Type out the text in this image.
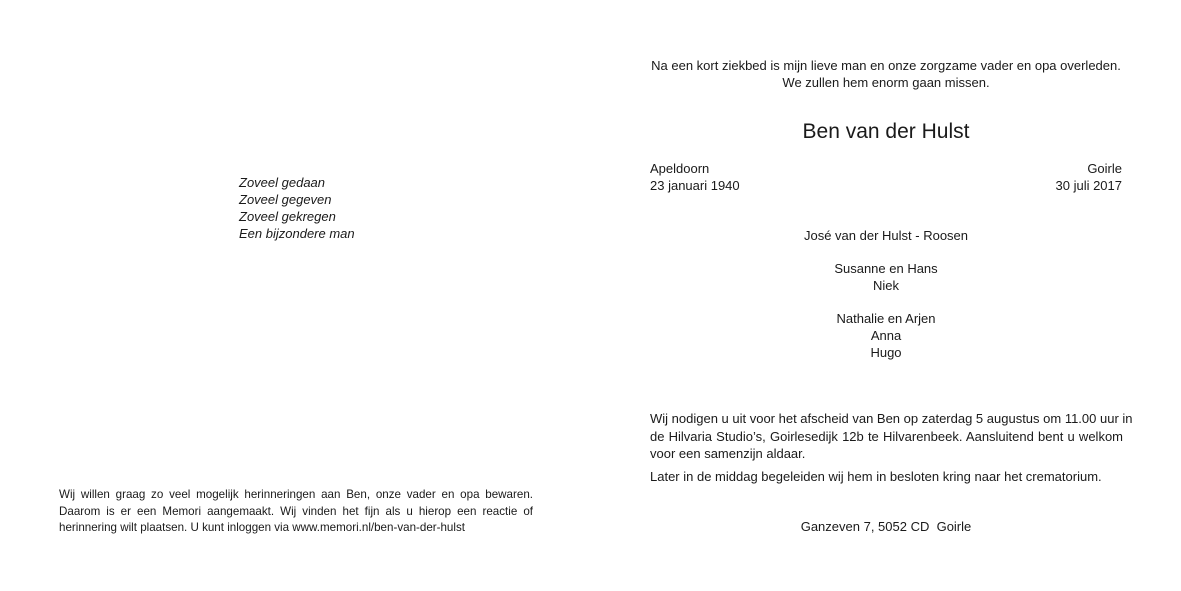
Zoveel gedaan
Zoveel gegeven
Zoveel gekregen
Een bijzondere man
Wij willen graag zo veel mogelijk herinneringen aan Ben, onze vader en opa bewaren.
Daarom is er een Memori aangemaakt. Wij vinden het fijn als u hierop een reactie of
herinnering wilt plaatsen. U kunt inloggen via www.memori.nl/ben-van-der-hulst
Na een kort ziekbed is mijn lieve man en onze zorgzame vader en opa overleden.
We zullen hem enorm gaan missen.
Ben van der Hulst
Apeldoorn
23 januari 1940
Goirle
30 juli 2017
José van der Hulst - Roosen
Susanne en Hans
Niek
Nathalie en Arjen
Anna
Hugo
Wij nodigen u uit voor het afscheid van Ben op zaterdag 5 augustus om 11.00 uur in
de Hilvaria Studio’s, Goirlesedijk 12b te Hilvarenbeek. Aansluitend bent u welkom
voor een samenzijn aldaar.
Later in de middag begeleiden wij hem in besloten kring naar het crematorium.
Ganzeven 7, 5052 CD  Goirle
